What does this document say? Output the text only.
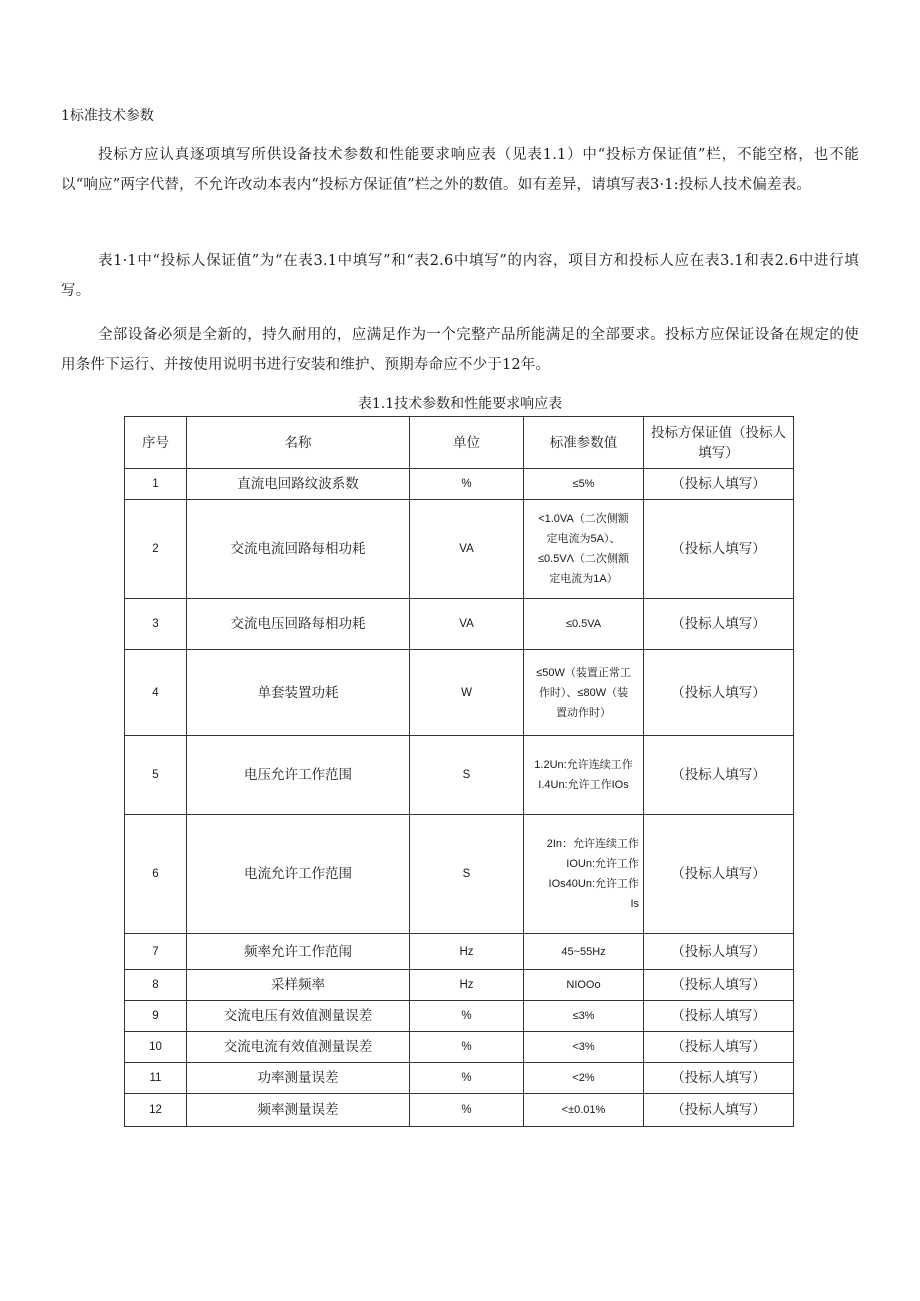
1标准技术参数
投标方应认真逐项填写所供设备技术参数和性能要求响应表（见表1.1）中“投标方保证值”栏，不能空格，也不能以“响应”两字代替，不允许改动本表内“投标方保证值”栏之外的数值。如有差异，请填写表3·1:投标人技术偏差表。
表1·1中“投标人保证值”为“在表3.1中填写”和“表2.6中填写”的内容，项目方和投标人应在表3.1和表2.6中进行填写。
全部设备必须是全新的，持久耐用的，应满足作为一个完整产品所能满足的全部要求。投标方应保证设备在规定的使用条件下运行、并按使用说明书进行安装和维护、预期寿命应不少于12年。
表1.1技术参数和性能要求响应表
序号	名称	单位	标准参数值	投标方保证值（投标人
填写）

1	直流电回路纹波系数	%	≤5%	（投标人填写）
2	交流电流回路每相功耗	VA	<1.0VA（二次侧额
定电流为5A）、
≤0.5VΛ（二次侧额
定电流为1A）	（投标人填写）
3	交流电压回路每相功耗	VA	≤0.5VA	（投标人填写）
4	单套装置功耗	W	≤50W（装置正常工
作时）、≤80W（装
置动作时）	（投标人填写）
5	电压允许工作范围	S	1.2Un:允许连续工作
I.4Un:允许工作IOs	（投标人填写）
6	电流允许工作范围	S	2In：允许连续工作
IOUn:允许工作
IOs40Un:允许工作
Is	（投标人填写）
7	频率允许工作范闱	Hz	45~55Hz	（投标人填写）
8	采样频率	Hz	NIOOo	（投标人填写）
9	交流电压有效值测量误差	%	≤3%	（投标人填写）
10	交流电流有效值测量误差	%	<3%	（投标人填写）
11	功率测量误差	%	<2%	（投标人填写）
12	频率测量误差	%	<±0.01%	（投标人填写）
